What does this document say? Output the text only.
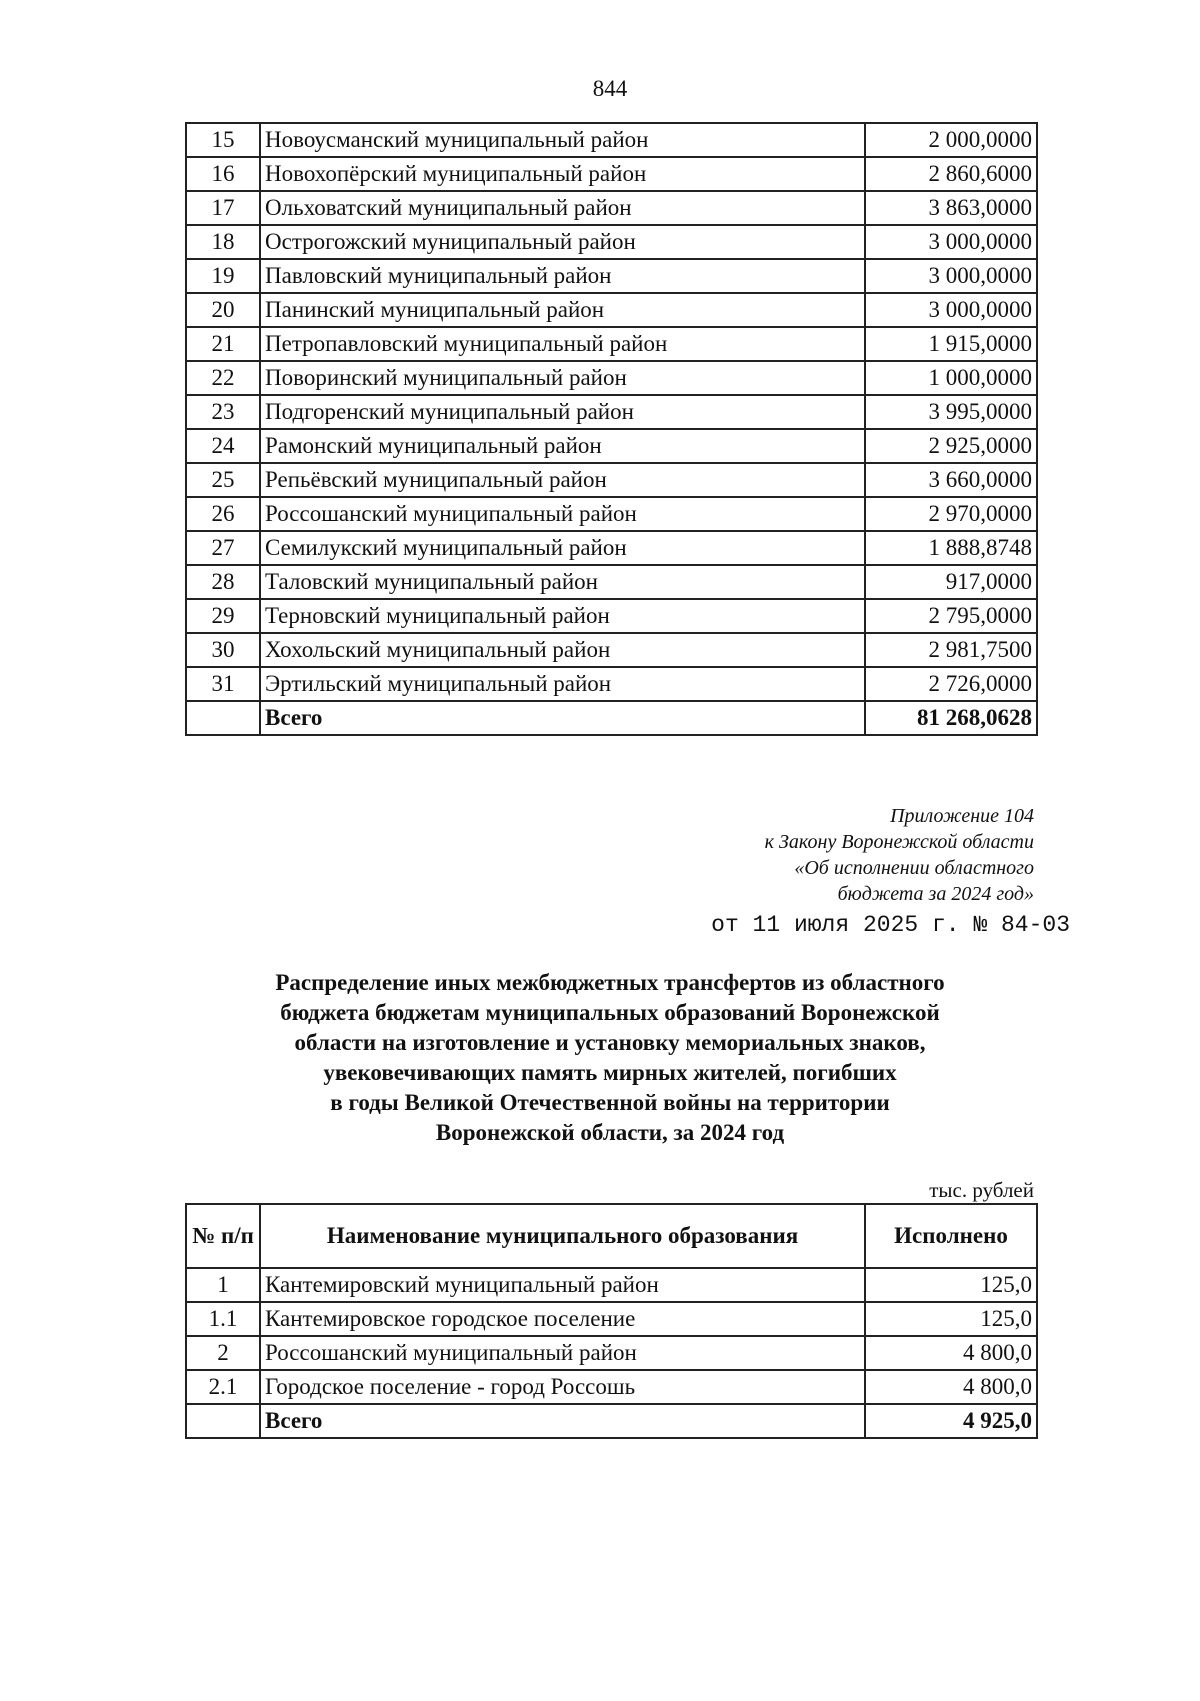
844
15	Новоусманский муниципальный район	2 000,0000
16	Новохопёрский муниципальный район	2 860,6000
17	Ольховатский муниципальный район	3 863,0000
18	Острогожский муниципальный район	3 000,0000
19	Павловский муниципальный район	3 000,0000
20	Панинский муниципальный район	3 000,0000
21	Петропавловский муниципальный район	1 915,0000
22	Поворинский муниципальный район	1 000,0000
23	Подгоренский муниципальный район	3 995,0000
24	Рамонский муниципальный район	2 925,0000
25	Репьёвский муниципальный район	3 660,0000
26	Россошанский муниципальный район	2 970,0000
27	Семилукский муниципальный район	1 888,8748
28	Таловский муниципальный район	917,0000
29	Терновский муниципальный район	2 795,0000
30	Хохольский муниципальный район	2 981,7500
31	Эртильский муниципальный район	2 726,0000
	Всего	81 268,0628
Приложение 104
к Закону Воронежской области
«Об исполнении областного
бюджета за 2024 год»
от 11 июля 2025 г. № 84-03
Распределение иных межбюджетных трансфертов из областного
бюджета бюджетам муниципальных образований Воронежской
области на изготовление и установку мемориальных знаков,
увековечивающих память мирных жителей, погибших
в годы Великой Отечественной войны на территории
Воронежской области, за 2024 год
тыс. рублей
№ п/п	Наименование муниципального образования	Исполнено
1	Кантемировский муниципальный район	125,0
1.1	Кантемировское городское поселение	125,0
2	Россошанский муниципальный район	4 800,0
2.1	Городское поселение - город Россошь	4 800,0
	Всего	4 925,0
